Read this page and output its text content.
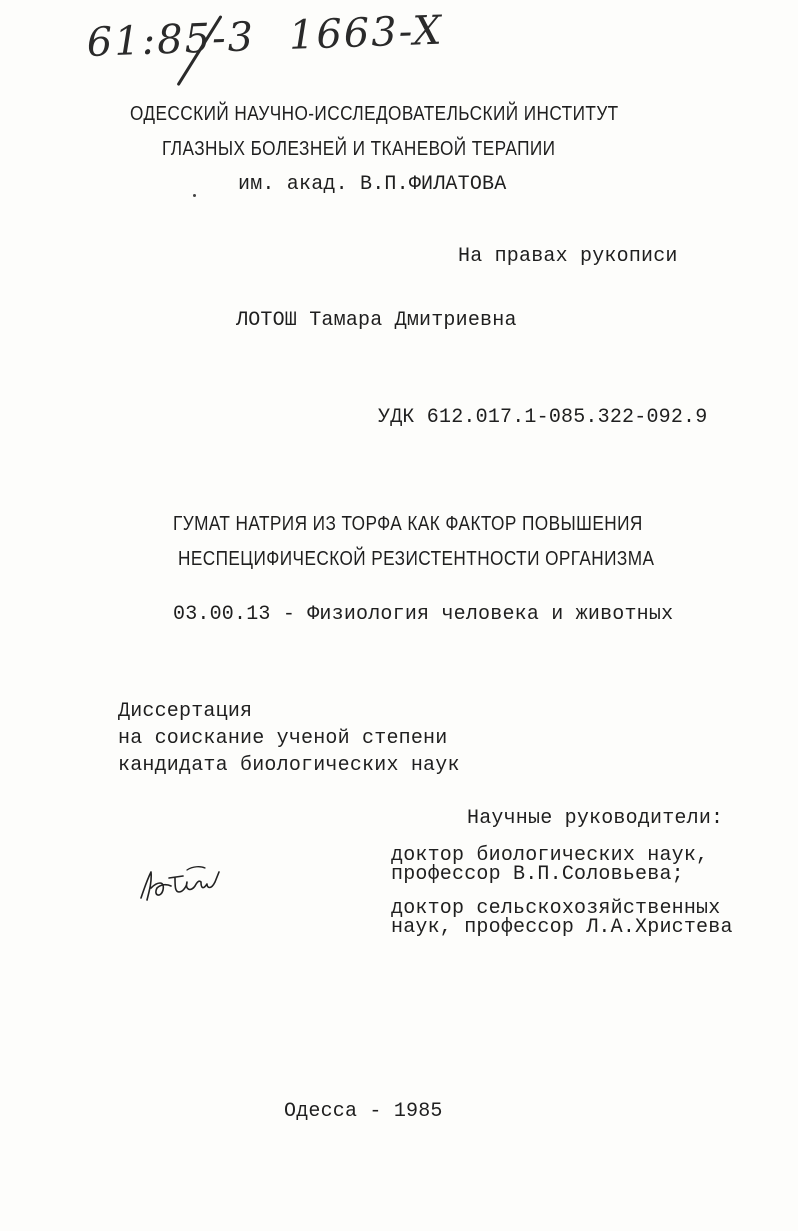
61:85-3 1663-X
ОДЕССКИЙ НАУЧНО-ИССЛЕДОВАТЕЛЬСКИЙ ИНСТИТУТ
ГЛАЗНЫХ БОЛЕЗНЕЙ И ТКАНЕВОЙ ТЕРАПИИ
им. акад. В.П.ФИЛАТОВА
На правах рукописи
ЛОТОШ Тамара Дмитриевна
УДК 612.017.1-085.322-092.9
ГУМАТ НАТРИЯ ИЗ ТОРФА КАК ФАКТОР ПОВЫШЕНИЯ
НЕСПЕЦИФИЧЕСКОЙ РЕЗИСТЕНТНОСТИ ОРГАНИЗМА
03.00.13 - Физиология человека и животных
Диссертация
на соискание ученой степени
кандидата биологических наук
Научные руководители:
доктор биологических наук,
профессор В.П.Соловьева;
доктор сельскохозяйственных
наук, профессор Л.А.Христева
Одесса - 1985
